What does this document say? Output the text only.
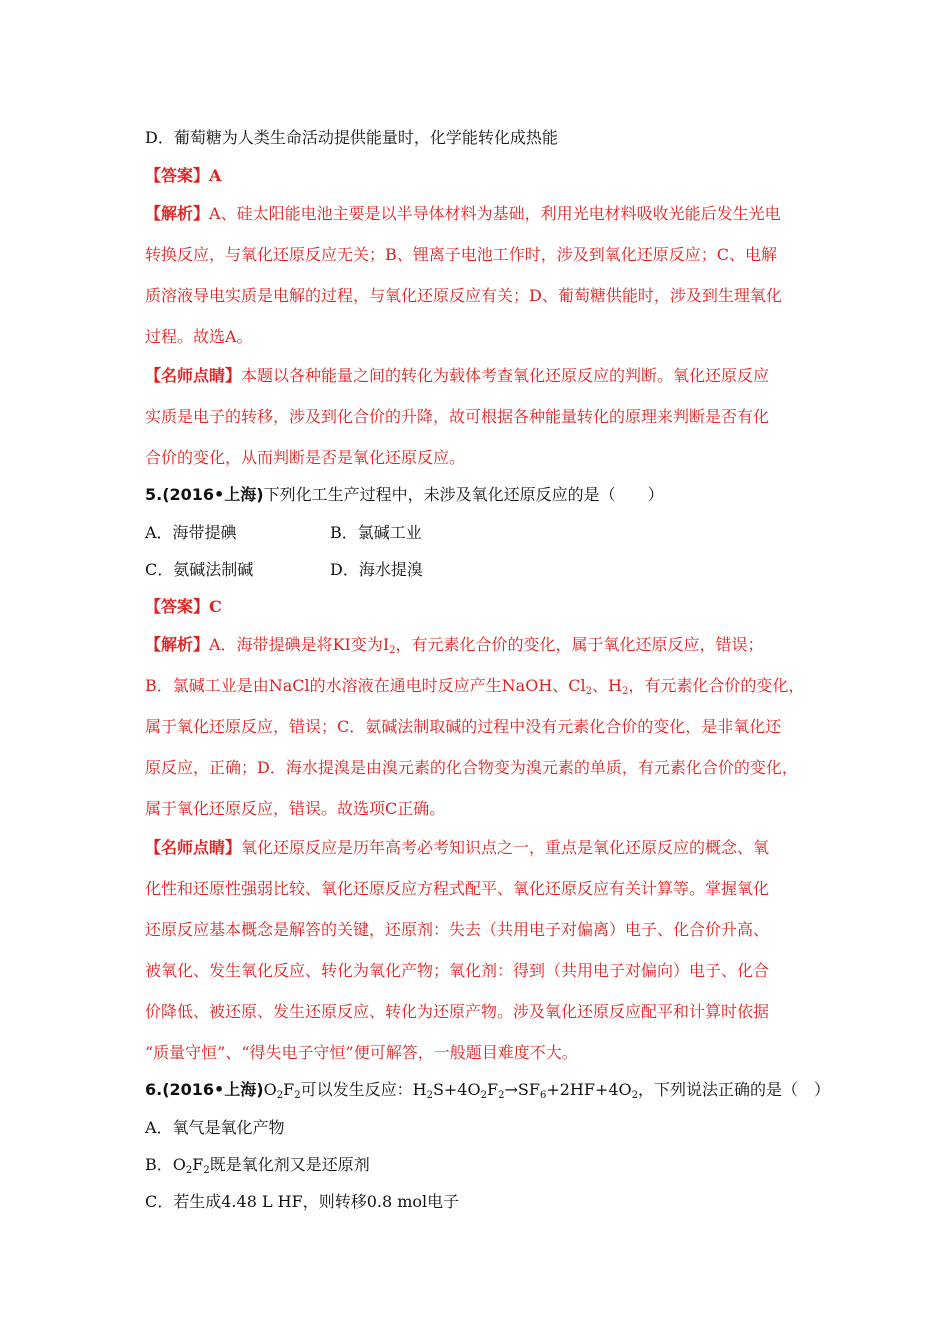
D．葡萄糖为人类生命活动提供能量时，化学能转化成热能
【答案】A
【解析】A、硅太阳能电池主要是以半导体材料为基础，利用光电材料吸收光能后发生光电
转换反应，与氧化还原反应无关；B、锂离子电池工作时，涉及到氧化还原反应；C、电解
质溶液导电实质是电解的过程，与氧化还原反应有关；D、葡萄糖供能时，涉及到生理氧化
过程。故选A。
【名师点睛】本题以各种能量之间的转化为载体考查氧化还原反应的判断。氧化还原反应
实质是电子的转移，涉及到化合价的升降，故可根据各种能量转化的原理来判断是否有化
合价的变化，从而判断是否是氧化还原反应。
5.(2016•上海)下列化工生产过程中，未涉及氧化还原反应的是（　　）
A．海带提碘	B．氯碱工业
C．氨碱法制碱	D．海水提溴
【答案】C
【解析】A．海带提碘是将KI变为$I_2$，有元素化合价的变化，属于氧化还原反应，错误；
B．氯碱工业是由NaCl的水溶液在通电时反应产生NaOH、$Cl_2$、$H_2$，有元素化合价的变化，
属于氧化还原反应，错误；C．氨碱法制取碱的过程中没有元素化合价的变化，是非氧化还
原反应，正确；D．海水提溴是由溴元素的化合物变为溴元素的单质，有元素化合价的变化，
属于氧化还原反应，错误。故选项C正确。
【名师点睛】氧化还原反应是历年高考必考知识点之一，重点是氧化还原反应的概念、氧
化性和还原性强弱比较、氧化还原反应方程式配平、氧化还原反应有关计算等。掌握氧化
还原反应基本概念是解答的关键，还原剂：失去（共用电子对偏离）电子、化合价升高、
被氧化、发生氧化反应、转化为氧化产物；氧化剂：得到（共用电子对偏向）电子、化合
价降低、被还原、发生还原反应、转化为还原产物。涉及氧化还原反应配平和计算时依据
“质量守恒”、“得失电子守恒”便可解答，一般题目难度不大。
6.(2016•上海)$O_2F_2$可以发生反应：$H_2S+4O_2F_2\to SF_6+2HF+4O_2$，下列说法正确的是（　）
A．氧气是氧化产物
B．$O_2F_2$既是氧化剂又是还原剂
C．若生成4.48 L HF，则转移0.8 mol电子
